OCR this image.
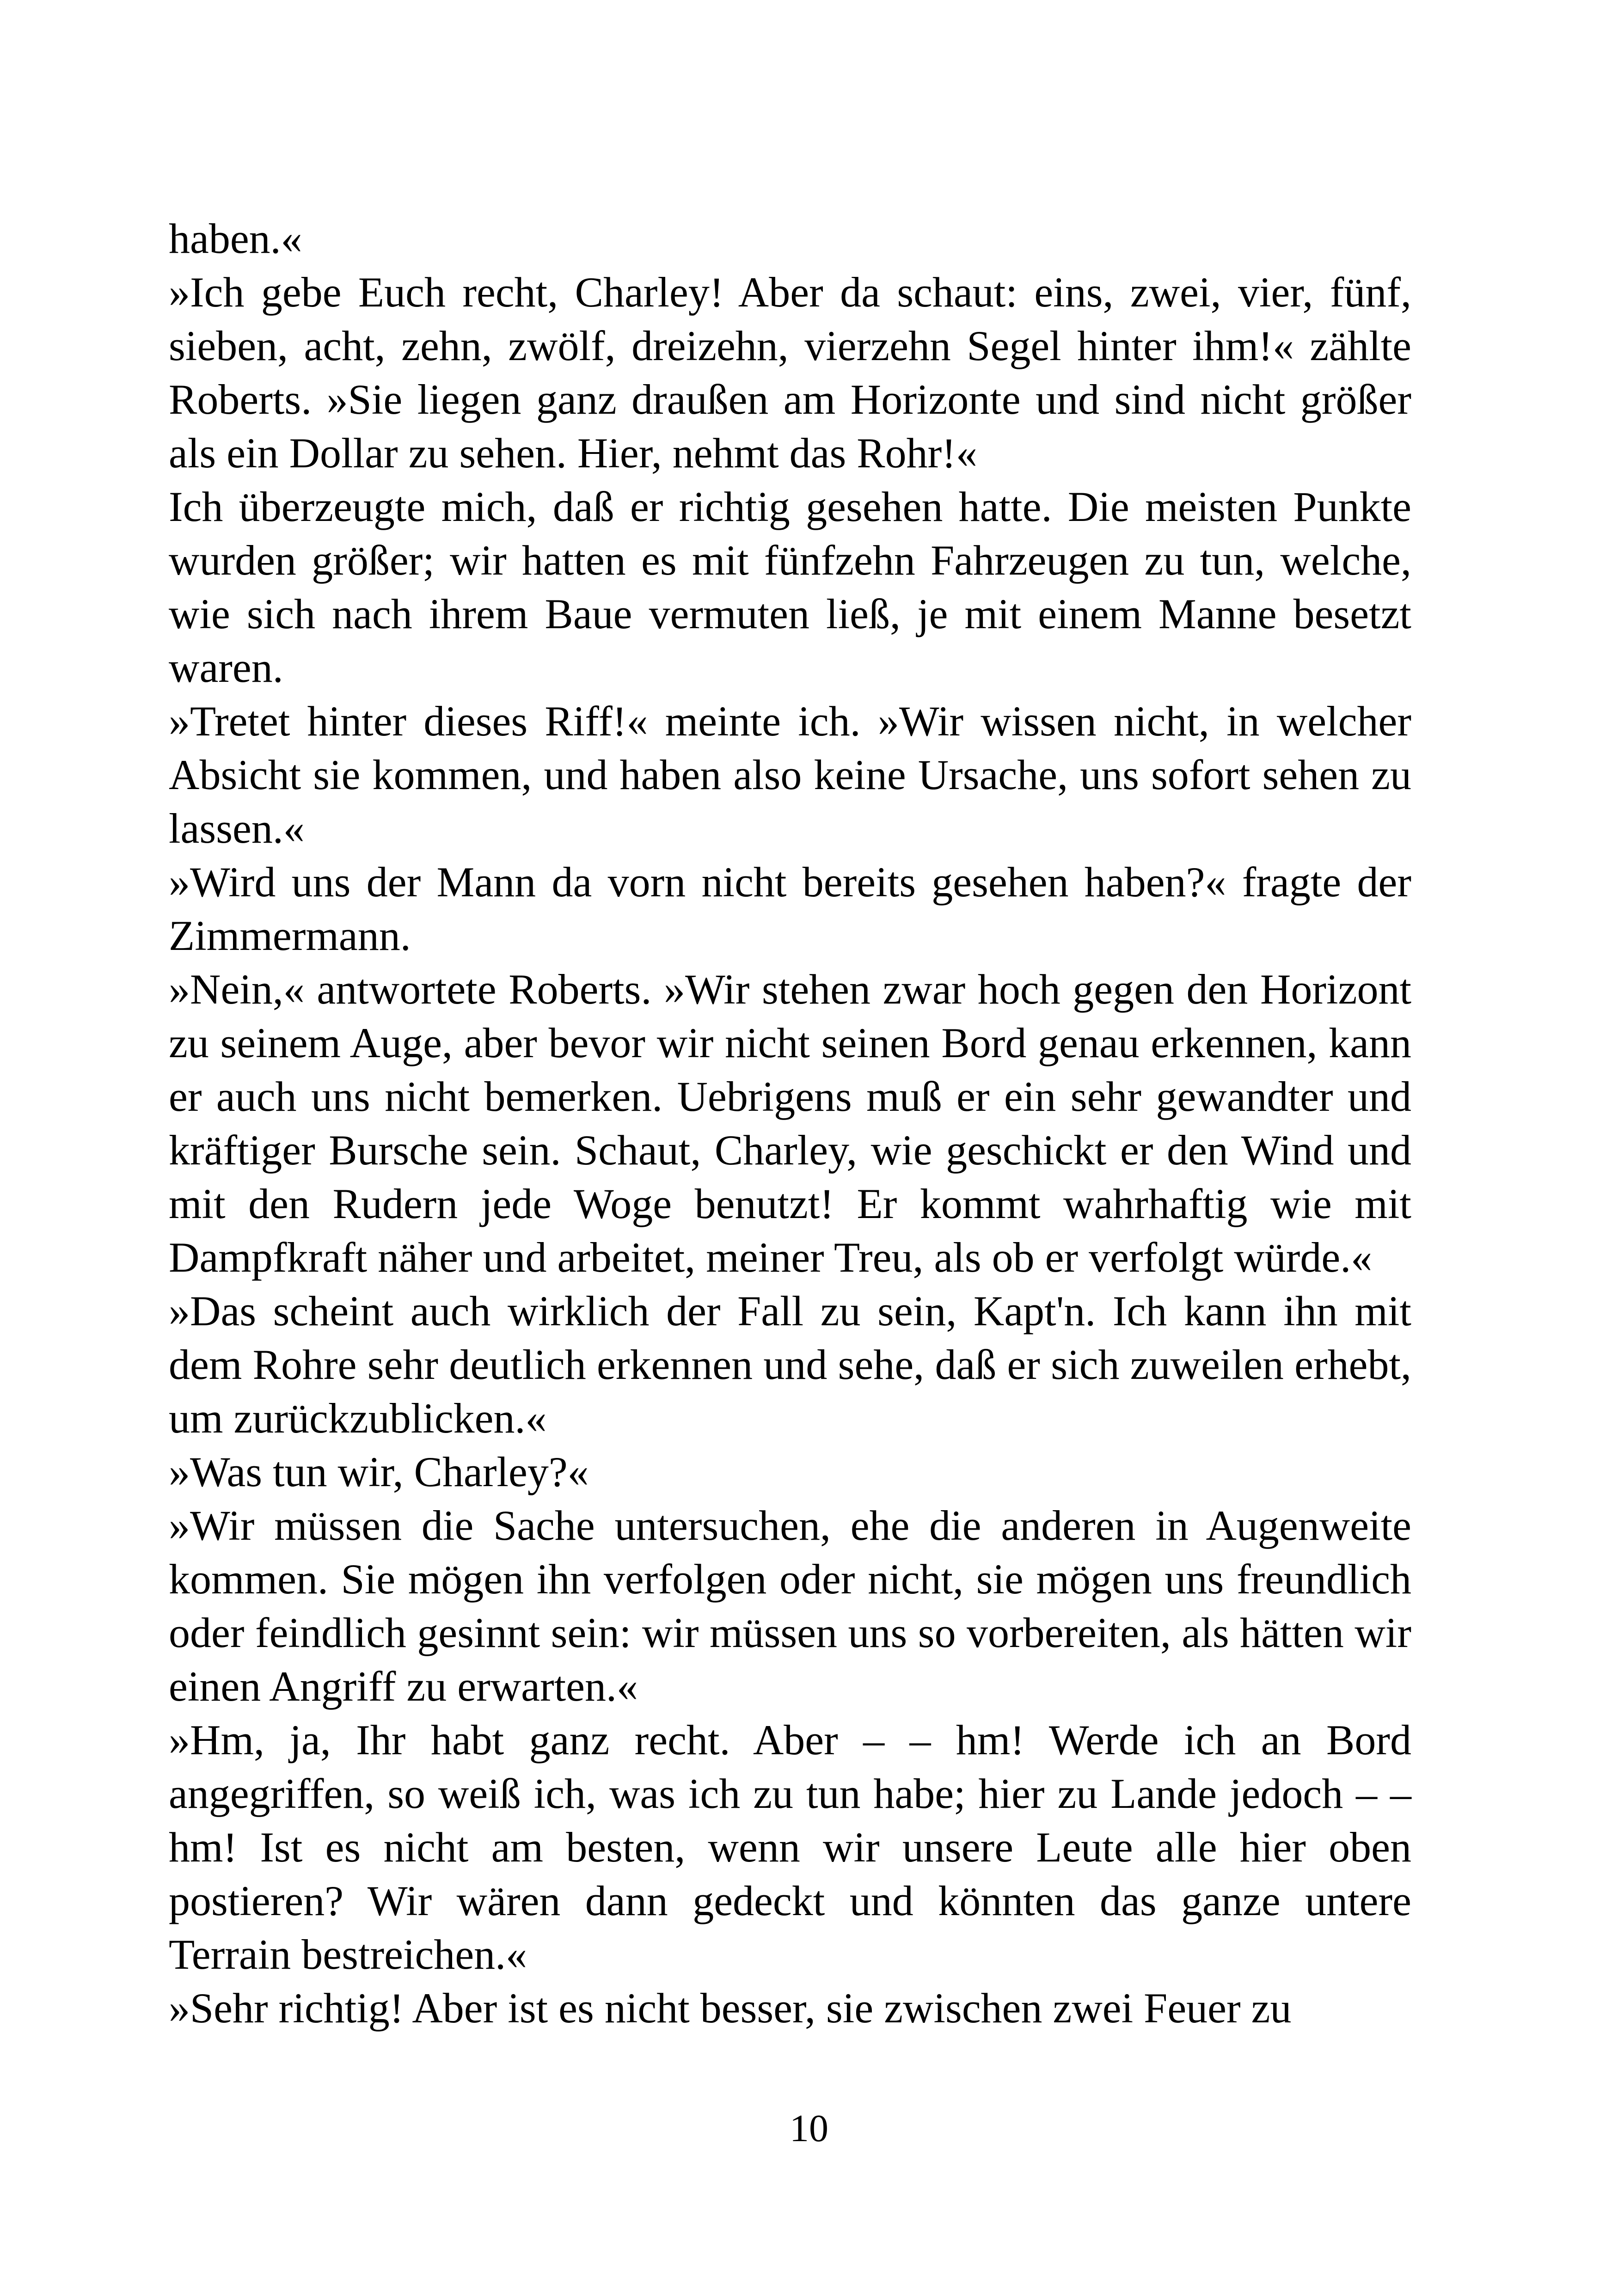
haben.«

»Ich gebe Euch recht, Charley! Aber da schaut: eins, zwei, vier, fünf, sieben, acht, zehn, zwölf, dreizehn, vierzehn Segel hinter ihm!« zählte Roberts. »Sie liegen ganz draußen am Horizonte und sind nicht größer als ein Dollar zu sehen. Hier, nehmt das Rohr!«

Ich überzeugte mich, daß er richtig gesehen hatte. Die meisten Punkte wurden größer; wir hatten es mit fünfzehn Fahrzeugen zu tun, welche, wie sich nach ihrem Baue vermuten ließ, je mit einem Manne besetzt waren.

»Tretet hinter dieses Riff!« meinte ich. »Wir wissen nicht, in welcher Absicht sie kommen, und haben also keine Ursache, uns sofort sehen zu lassen.«

»Wird uns der Mann da vorn nicht bereits gesehen haben?« fragte der Zimmermann.

»Nein,« antwortete Roberts. »Wir stehen zwar hoch gegen den Horizont zu seinem Auge, aber bevor wir nicht seinen Bord genau erkennen, kann er auch uns nicht bemerken. Uebrigens muß er ein sehr gewandter und kräftiger Bursche sein. Schaut, Charley, wie geschickt er den Wind und mit den Rudern jede Woge benutzt! Er kommt wahrhaftig wie mit Dampfkraft näher und arbeitet, meiner Treu, als ob er verfolgt würde.«

»Das scheint auch wirklich der Fall zu sein, Kapt'n. Ich kann ihn mit dem Rohre sehr deutlich erkennen und sehe, daß er sich zuweilen erhebt, um zurückzublicken.«

»Was tun wir, Charley?«

»Wir müssen die Sache untersuchen, ehe die anderen in Augenweite kommen. Sie mögen ihn verfolgen oder nicht, sie mögen uns freundlich oder feindlich gesinnt sein: wir müssen uns so vorbereiten, als hätten wir einen Angriff zu erwarten.«

»Hm, ja, Ihr habt ganz recht. Aber – – hm! Werde ich an Bord angegriffen, so weiß ich, was ich zu tun habe; hier zu Lande jedoch – – hm! Ist es nicht am besten, wenn wir unsere Leute alle hier oben postieren? Wir wären dann gedeckt und könnten das ganze untere Terrain bestreichen.«

»Sehr richtig! Aber ist es nicht besser, sie zwischen zwei Feuer zu

10
